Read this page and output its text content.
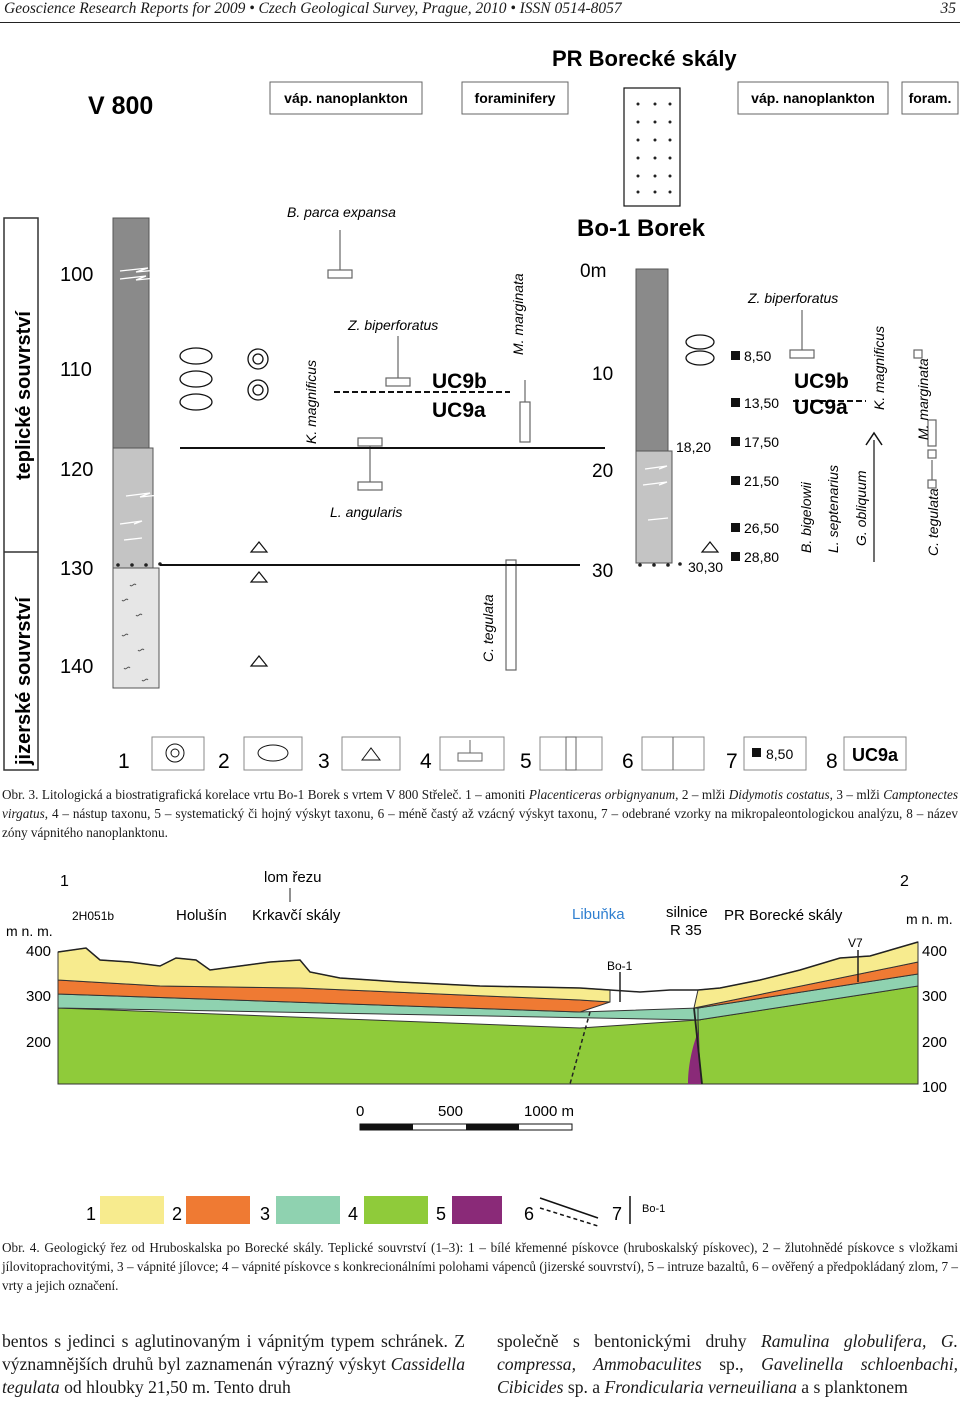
Geoscience Research Reports for 2009 • Czech Geological Survey, Prague, 2010 • ISSN 0514-8057	35
teplické souvrství
jizerské souvrství
V 800
PR Borecké skály
váp. nanoplankton	foraminifery	váp. nanoplankton foram.
100
110
120
130
140
B. parca expansa
Z. biperforatus
K. magnificus
M. marginata
L. angularis
C. tegulata
UC9b
UC9a
Bo-1 Borek
0m
10
20
30
18,20
30,30
8,50
13,50
17,50
21,50
26,50
28,80
Z. biperforatus
K. magnificus M. marginata
B. bigelowii L. septenarius G. obliquum	C. tegulata
UC9b
UC9a
1	2	3	4	5	6	7 8,50 8 UC9a
Obr. 3. Litologická a biostratigrafická korelace vrtu Bo-1 Borek s vrtem V 800 Střeleč. 1 – amoniti Placenticeras orbignyanum, 2 – mlži Didymotis costatus, 3 – mlži Camptonectes virgatus, 4 – nástup taxonu, 5 – systematický či hojný výskyt taxonu, 6 – méně častý až vzácný výskyt taxonu, 7 – odebrané vzorky na mikropaleontologickou analýzu, 8 – název zóny vápnitého nanoplanktonu.
1	2
lom řezu
2H051b	Holušín Krkavčí skály	Libuňka	silnice
R 35
PR Borecké skály
V7
Bo-1
m n. m.
m n. m.
400
300
200
400
300
200
100
0	500	1000 m
1	2	3	4	5	6	7 Bo-1
Obr. 4. Geologický řez od Hruboskalska po Borecké skály. Teplické souvrství (1–3): 1 – bílé křemenné pískovce (hruboskalský pískovec), 2 – žlutohnědé pískovce s vložkami jílovitoprachovitými, 3 – vápnité jílovce; 4 – vápnité pískovce s konkrecionálními polohami vápenců (jizerské souvrství), 5 – intruze bazaltů, 6 – ověřený a předpokládaný zlom, 7 – vrty a jejich označení.
bentos s jedinci s aglutinovaným i vápnitým typem schránek. Z významnějších druhů byl zaznamenán výrazný výskyt Cassidella tegulata od hloubky 21,50 m. Tento druh
společně s bentonickými druhy Ramulina globulifera, G. compressa, Ammobaculites sp., Gavelinella schloenbachi, Cibicides sp. a Frondicularia verneuiliana a s planktonem
